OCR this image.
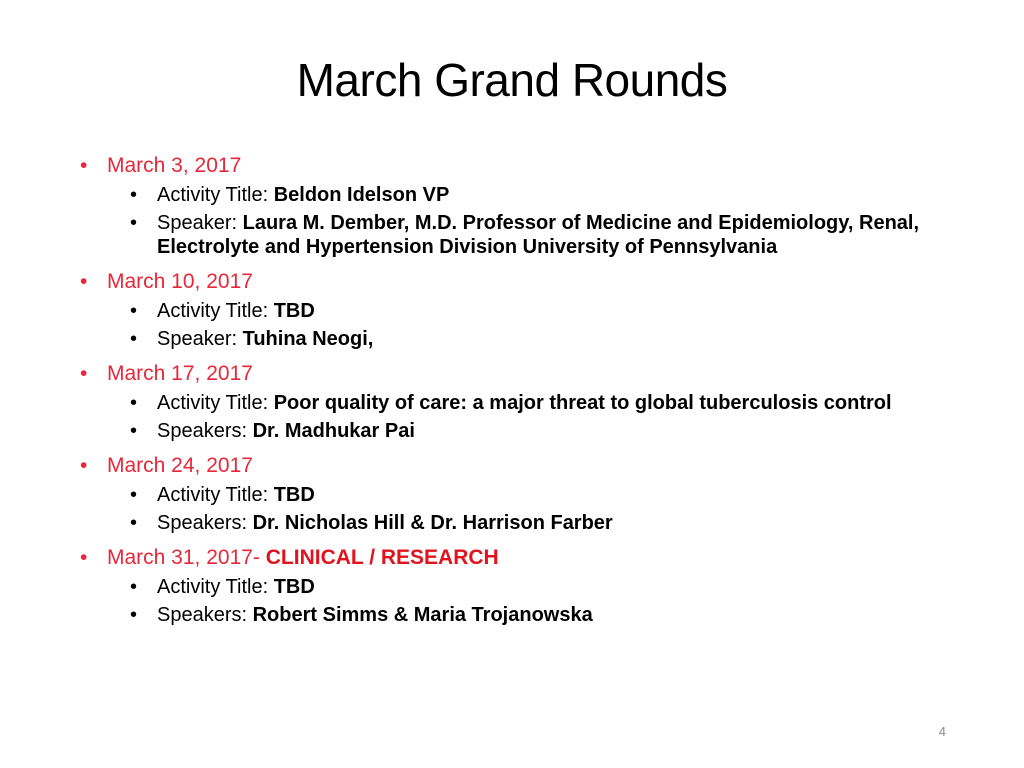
March Grand Rounds
• March 3, 2017
• Activity Title: Beldon Idelson VP
• Speaker: Laura M. Dember, M.D. Professor of Medicine and Epidemiology, Renal, Electrolyte and Hypertension Division University of Pennsylvania
• March 10, 2017
• Activity Title: TBD
• Speaker: Tuhina Neogi,
• March 17, 2017
• Activity Title: Poor quality of care: a major threat to global tuberculosis control
• Speakers: Dr. Madhukar Pai
• March 24, 2017
• Activity Title: TBD
• Speakers: Dr. Nicholas Hill & Dr. Harrison Farber
• March 31, 2017- CLINICAL / RESEARCH
• Activity Title: TBD
• Speakers: Robert Simms & Maria Trojanowska
4
